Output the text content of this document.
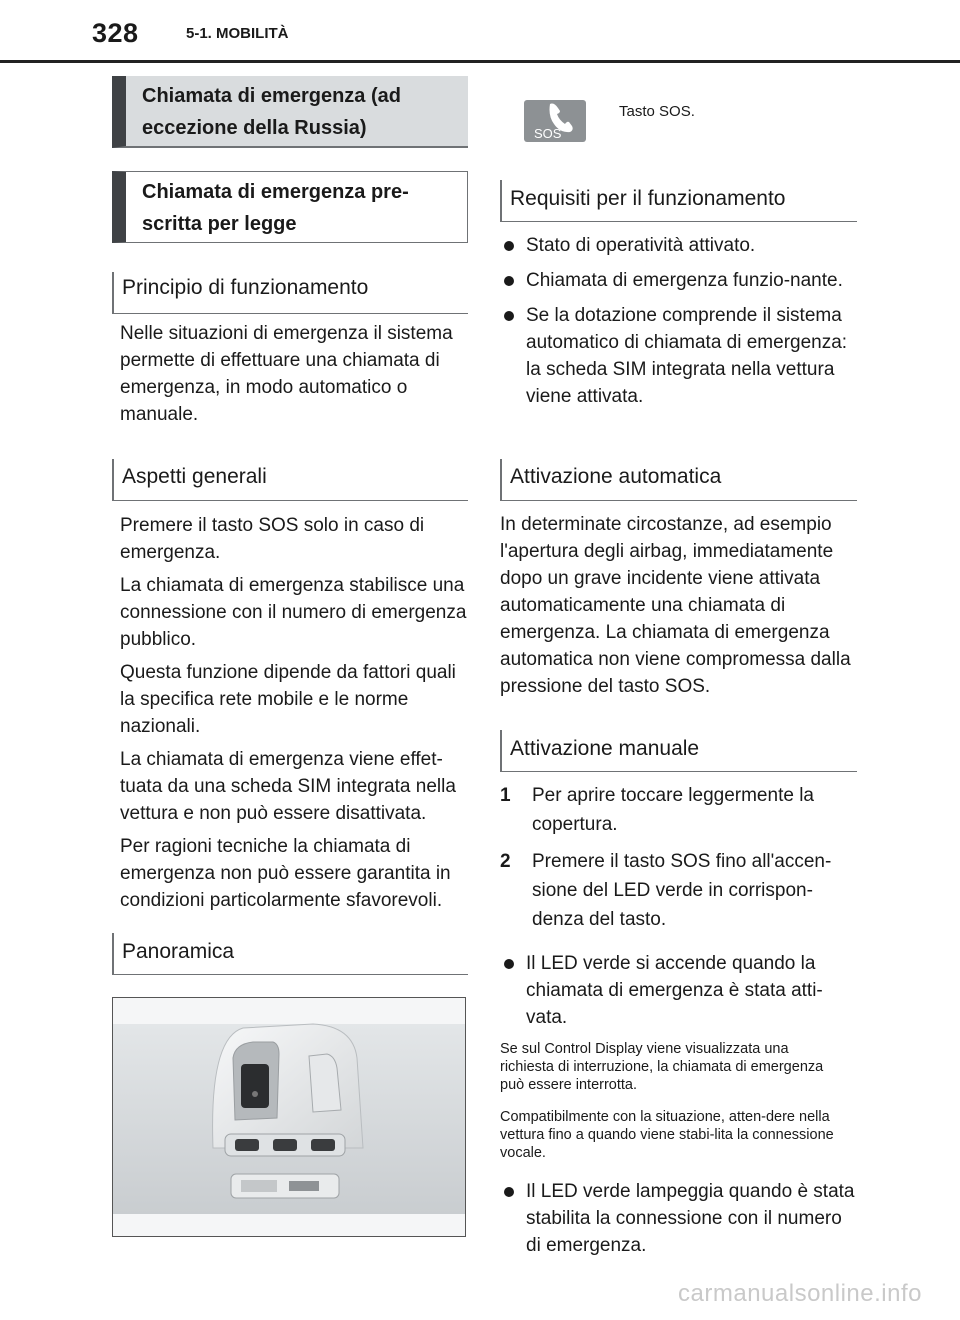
328	5-1. MOBILITÀ
Chiamata di emergenza (ad eccezione della Russia)
Chiamata di emergenza pre-scritta per legge
Principio di funzionamento

Nelle situazioni di emergenza il sistema permette di effettuare una chiamata di emergenza, in modo automatico o manuale.

Aspetti generali

Premere il tasto SOS solo in caso di emergenza.

La chiamata di emergenza stabilisce una connessione con il numero di emergenza pubblico.

Questa funzione dipende da fattori quali la specifica rete mobile e le norme nazionali.

La chiamata di emergenza viene effet-tuata da una scheda SIM integrata nella vettura e non può essere disattivata.

Per ragioni tecniche la chiamata di emergenza non può essere garantita in condizioni particolarmente sfavorevoli.

Panoramica
SOS
Tasto SOS.
Requisiti per il funzionamento
Stato di operatività attivato.
Chiamata di emergenza funzio-nante.
Se la dotazione comprende il sistema automatico di chiamata di emergenza: la scheda SIM integrata nella vettura viene attivata.
Attivazione automatica

In determinate circostanze, ad esempio l'apertura degli airbag, immediatamente dopo un grave incidente viene attivata automaticamente una chiamata di emergenza. La chiamata di emergenza automatica non viene compromessa dalla pressione del tasto SOS.

Attivazione manuale
1 Per aprire toccare leggermente la copertura.
2 Premere il tasto SOS fino all'accen-sione del LED verde in corrispon-denza del tasto.
Il LED verde si accende quando la chiamata di emergenza è stata atti-vata.
Se sul Control Display viene visualizzata una richiesta di interruzione, la chiamata di emergenza può essere interrotta.
Compatibilmente con la situazione, atten-dere nella vettura fino a quando viene stabi-lita la connessione vocale.
Il LED verde lampeggia quando è stata stabilita la connessione con il numero di emergenza.
carmanualsonline.info
